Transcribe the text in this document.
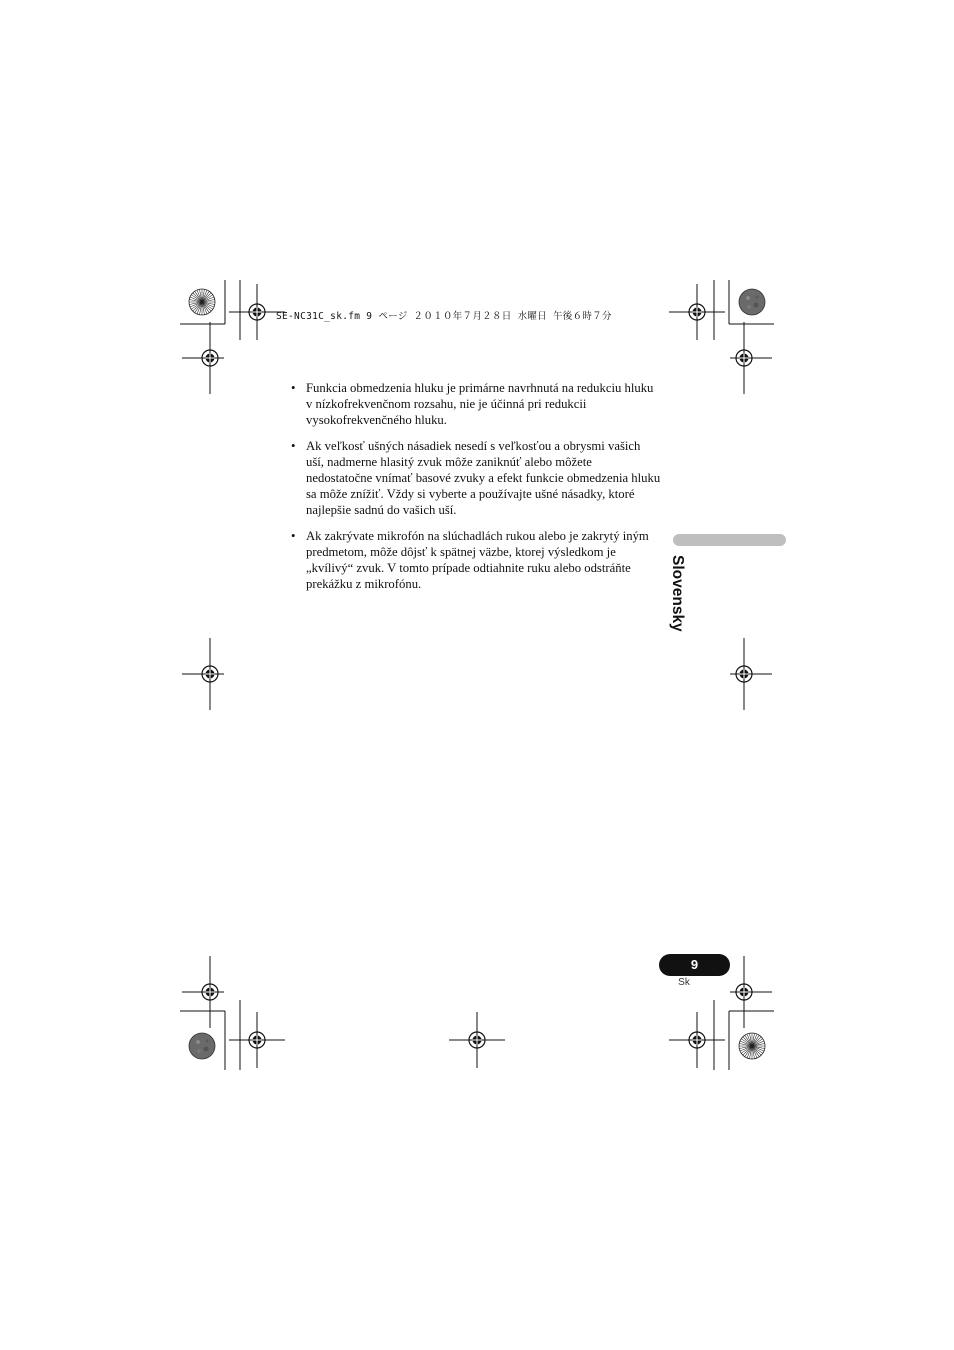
SE-NC31C_sk.fm 9 ページ ２０１０年７月２８日 水曜日 午後６時７分
• Funkcia obmedzenia hluku je primárne navrhnutá na redukciu hluku v nízkofrekvenčnom rozsahu, nie je účinná pri redukcii vysokofrekvenčného hluku.
• Ak veľkosť ušných násadiek nesedí s veľkosťou a obrysmi vašich uší, nadmerne hlasitý zvuk môže zaniknúť alebo môžete nedostatočne vnímať basové zvuky a efekt funkcie obmedzenia hluku sa môže znížiť. Vždy si vyberte a používajte ušné násadky, ktoré najlepšie sadnú do vašich uší.
• Ak zakrývate mikrofón na slúchadlách rukou alebo je zakrytý iným predmetom, môže dôjsť k spätnej väzbe, ktorej výsledkom je „kvílivý“ zvuk. V tomto prípade odtiahnite ruku alebo odstráňte prekážku z mikrofónu.	Slovensky
9
Sk
